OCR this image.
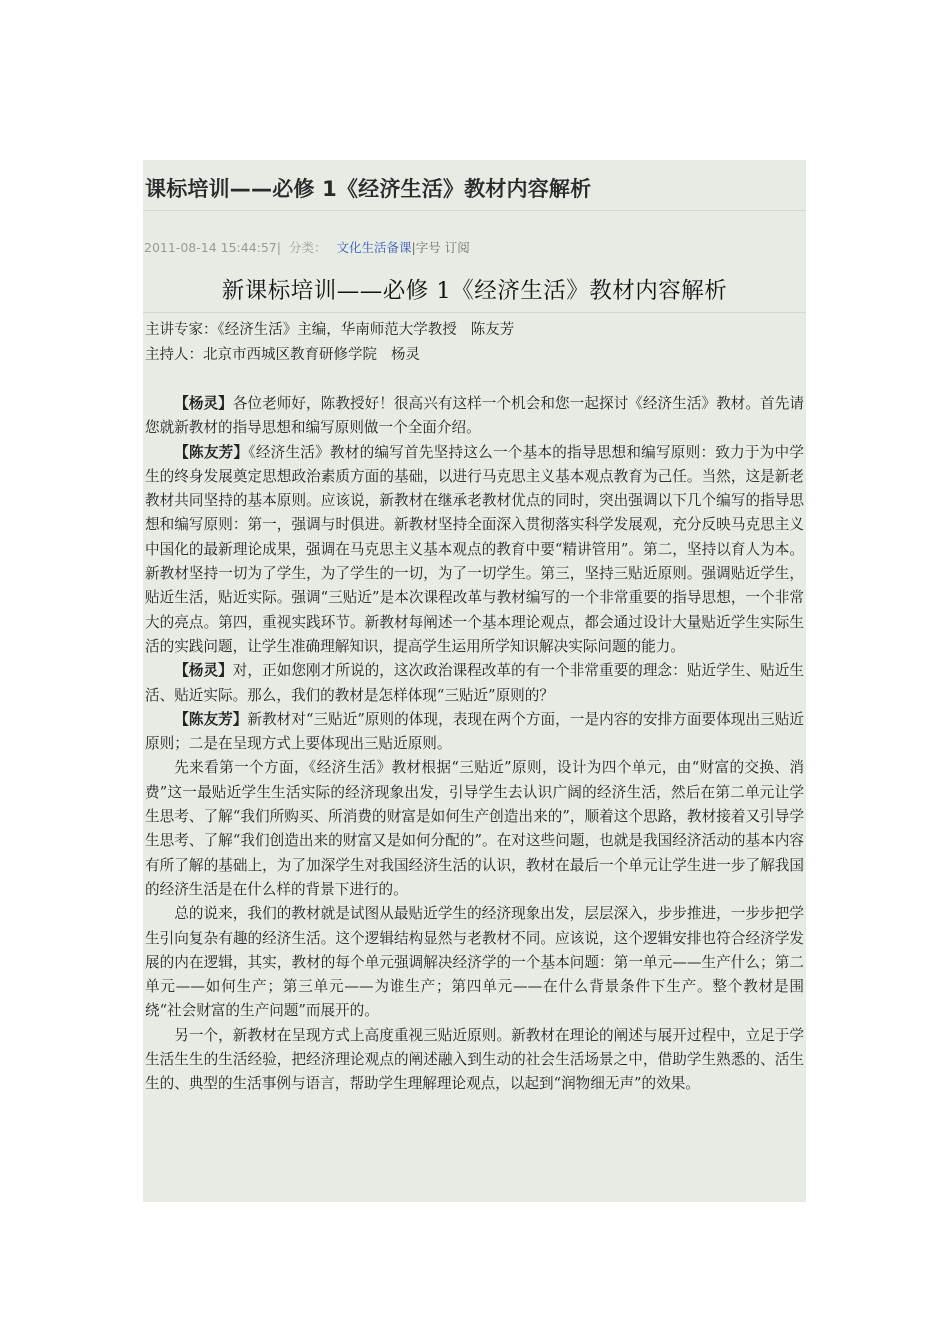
课标培训——必修 1《经济生活》教材内容解析
2011-08-14 15:44:57| 分类： 文化生活备课|字号 订阅
新课标培训——必修 1《经济生活》教材内容解析
主讲专家：《经济生活》主编，华南师范大学教授 陈友芳
主持人：北京市西城区教育研修学院 杨灵

【杨灵】各位老师好，陈教授好！很高兴有这样一个机会和您一起探讨《经济生活》教材。首先请您就新教材的指导思想和编写原则做一个全面介绍。

【陈友芳】《经济生活》教材的编写首先坚持这么一个基本的指导思想和编写原则：致力于为中学生的终身发展奠定思想政治素质方面的基础，以进行马克思主义基本观点教育为己任。当然，这是新老教材共同坚持的基本原则。应该说，新教材在继承老教材优点的同时，突出强调以下几个编写的指导思想和编写原则：第一，强调与时俱进。新教材坚持全面深入贯彻落实科学发展观，充分反映马克思主义中国化的最新理论成果，强调在马克思主义基本观点的教育中要“精讲管用”。第二，坚持以育人为本。新教材坚持一切为了学生，为了学生的一切，为了一切学生。第三，坚持三贴近原则。强调贴近学生，贴近生活，贴近实际。强调“三贴近”是本次课程改革与教材编写的一个非常重要的指导思想，一个非常大的亮点。第四，重视实践环节。新教材每阐述一个基本理论观点，都会通过设计大量贴近学生实际生活的实践问题，让学生准确理解知识，提高学生运用所学知识解决实际问题的能力。

【杨灵】对，正如您刚才所说的，这次政治课程改革的有一个非常重要的理念：贴近学生、贴近生活、贴近实际。那么，我们的教材是怎样体现“三贴近”原则的？

【陈友芳】新教材对“三贴近”原则的体现，表现在两个方面，一是内容的安排方面要体现出三贴近原则；二是在呈现方式上要体现出三贴近原则。

先来看第一个方面，《经济生活》教材根据“三贴近”原则，设计为四个单元，由“财富的交换、消费”这一最贴近学生生活实际的经济现象出发，引导学生去认识广阔的经济生活，然后在第二单元让学生思考、了解“我们所购买、所消费的财富是如何生产创造出来的”，顺着这个思路，教材接着又引导学生思考、了解“我们创造出来的财富又是如何分配的”。在对这些问题，也就是我国经济活动的基本内容有所了解的基础上，为了加深学生对我国经济生活的认识，教材在最后一个单元让学生进一步了解我国的经济生活是在什么样的背景下进行的。

总的说来，我们的教材就是试图从最贴近学生的经济现象出发，层层深入，步步推进，一步步把学生引向复杂有趣的经济生活。这个逻辑结构显然与老教材不同。应该说，这个逻辑安排也符合经济学发展的内在逻辑，其实，教材的每个单元强调解决经济学的一个基本问题：第一单元——生产什么；第二单元——如何生产；第三单元——为谁生产；第四单元——在什么背景条件下生产。整个教材是围绕“社会财富的生产问题”而展开的。

另一个，新教材在呈现方式上高度重视三贴近原则。新教材在理论的阐述与展开过程中，立足于学生活生生的生活经验，把经济理论观点的阐述融入到生动的社会生活场景之中，借助学生熟悉的、活生生的、典型的生活事例与语言，帮助学生理解理论观点，以起到“润物细无声”的效果。
